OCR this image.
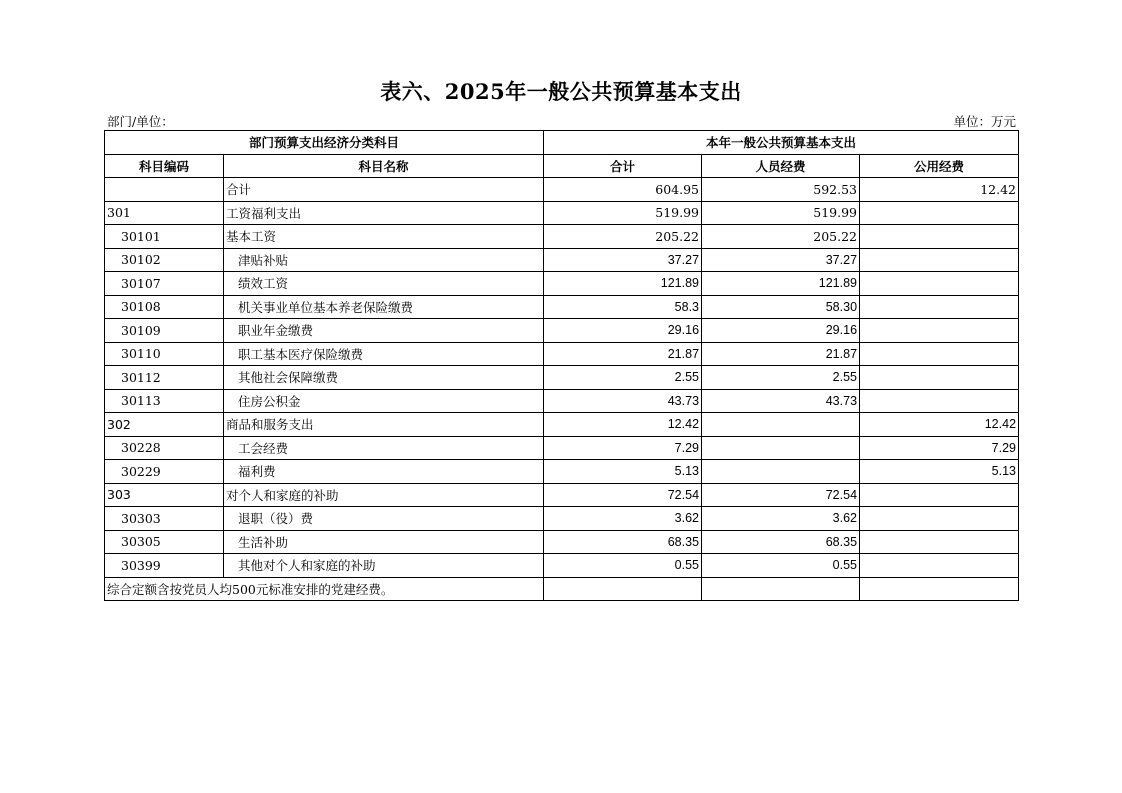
表六、2025年一般公共预算基本支出
部门/单位：	单位：万元
部门预算支出经济分类科目		本年一般公共预算基本支出		
科目编码	科目名称	合计	人员经费	公用经费
	合计	604.95	592.53	12.42
301	工资福利支出	519.99	519.99	
30101	基本工资	205.22	205.22	
30102	津贴补贴	37.27	37.27	
30107	绩效工资	121.89	121.89	
30108	机关事业单位基本养老保险缴费	58.3	58.30	
30109	职业年金缴费	29.16	29.16	
30110	职工基本医疗保险缴费	21.87	21.87	
30112	其他社会保障缴费	2.55	2.55	
30113	住房公积金	43.73	43.73	
302	商品和服务支出	12.42		12.42
30228	工会经费	7.29		7.29
30229	福利费	5.13		5.13
303	对个人和家庭的补助	72.54	72.54	
30303	退职（役）费	3.62	3.62	
30305	生活补助	68.35	68.35	
30399	其他对个人和家庭的补助	0.55	0.55	
综合定额含按党员人均500元标准安排的党建经费。				
